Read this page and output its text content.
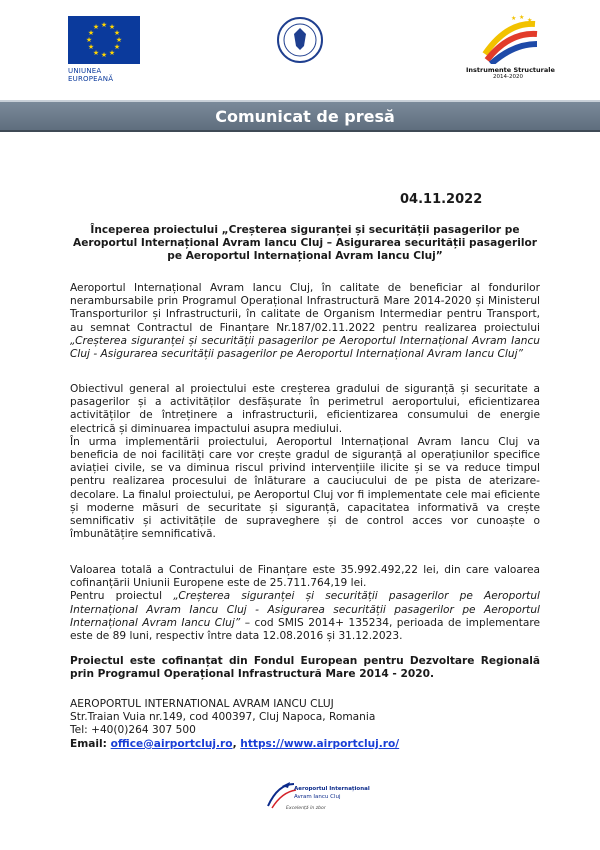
★ ★
★
★
★
★
★
★
★
★
★
★
UNIUNEA EUROPEANĂ
★ ★ ★
Instrumente Structurale
2014-2020
Comunicat de presă
04.11.2022
Începerea proiectului „Creșterea siguranței și securității pasagerilor pe Aeroportul Internațional Avram Iancu Cluj – Asigurarea securității pasagerilor pe Aeroportul Internațional Avram Iancu Cluj”
Aeroportul Internațional Avram Iancu Cluj, în calitate de beneficiar al fondurilor nerambursabile prin Programul Operațional Infrastructură Mare 2014-2020 și Ministerul Transporturilor și Infrastructurii, în calitate de Organism Intermediar pentru Transport, au semnat Contractul de Finanțare Nr.187/02.11.2022 pentru realizarea proiectului „Creșterea siguranței și securității pasagerilor pe Aeroportul Internațional Avram Iancu Cluj - Asigurarea securității pasagerilor pe Aeroportul Internațional Avram Iancu Cluj”
Obiectivul general al proiectului este creșterea gradului de siguranță și securitate a pasagerilor și a activităților desfășurate în perimetrul aeroportului, eficientizarea activităților de întreținere a infrastructurii, eficientizarea consumului de energie electrică și diminuarea impactului asupra mediului.
În urma implementării proiectului, Aeroportul Internațional Avram Iancu Cluj va beneficia de noi facilități care vor crește gradul de siguranță al operațiunilor specifice aviației civile, se va diminua riscul privind intervențiile ilicite și se va reduce timpul pentru realizarea procesului de înlăturare a cauciucului de pe pista de aterizare-decolare. La finalul proiectului, pe Aeroportul Cluj vor fi implementate cele mai eficiente și moderne măsuri de securitate și siguranță, capacitatea informativă va crește semnificativ și activitățile de supraveghere și de control acces vor cunoaște o îmbunătățire semnificativă.
Valoarea totală a Contractului de Finanțare este 35.992.492,22 lei, din care valoarea cofinanțării Uniunii Europene este de 25.711.764,19 lei.
Pentru proiectul „Creșterea siguranței și securității pasagerilor pe Aeroportul Internațional Avram Iancu Cluj - Asigurarea securității pasagerilor pe Aeroportul Internațional Avram Iancu Cluj” – cod SMIS 2014+ 135234, perioada de implementare este de 89 luni, respectiv între data 12.08.2016 și 31.12.2023.
Proiectul este cofinanțat din Fondul European pentru Dezvoltare Regională prin Programul Operațional Infrastructură Mare 2014 - 2020.
AEROPORTUL INTERNATIONAL AVRAM IANCU CLUJ
Str.Traian Vuia nr.149, cod 400397, Cluj Napoca, Romania
Tel: +40(0)264 307 500
Email: office@airportcluj.ro, https://www.airportcluj.ro/
Aeroportul Internațional
Avram Iancu Cluj
Excelență în zbor
